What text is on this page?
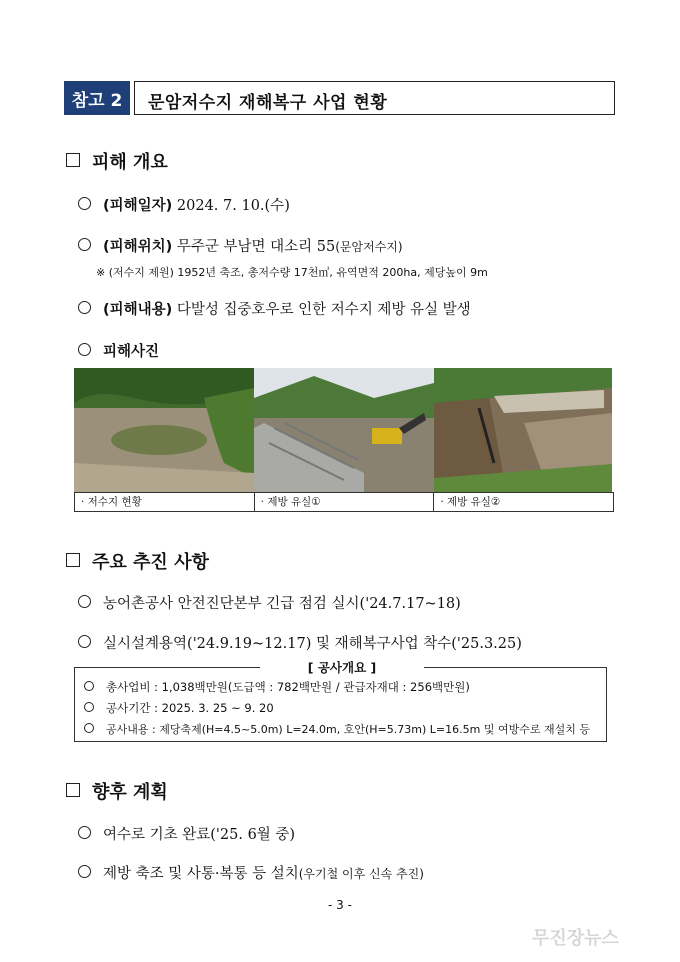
참고 2	문암저수지 재해복구 사업 현황
피해 개요
(피해일자) 2024. 7. 10.(수)
(피해위치) 무주군 부남면 대소리 55(문암저수지)
※ (저수지 제원) 1952년 축조, 총저수량 17천㎥, 유역면적 200ha, 제당높이 9m
(피해내용) 다발성 집중호우로 인한 저수지 제방 유실 발생
피해사진
· 저수지 현황	· 제방 유실①	· 제방 유실②
주요 추진 사항
농어촌공사 안전진단본부 긴급 점검 실시('24.7.17~18)
실시설계용역('24.9.19~12.17) 및 재해복구사업 착수('25.3.25)
[ 공사개요 ]
총사업비 : 1,038백만원(도급액 : 782백만원 / 관급자재대 : 256백만원)
공사기간 : 2025. 3. 25 ~ 9. 20
공사내용 : 제당축제(H=4.5~5.0m) L=24.0m, 호안(H=5.73m) L=16.5m 및 여방수로 재설치 등
향후 계획
여수로 기초 완료('25. 6월 중)
제방 축조 및 사통·복통 등 설치(우기철 이후 신속 추진)
- 3 -
무진장뉴스
